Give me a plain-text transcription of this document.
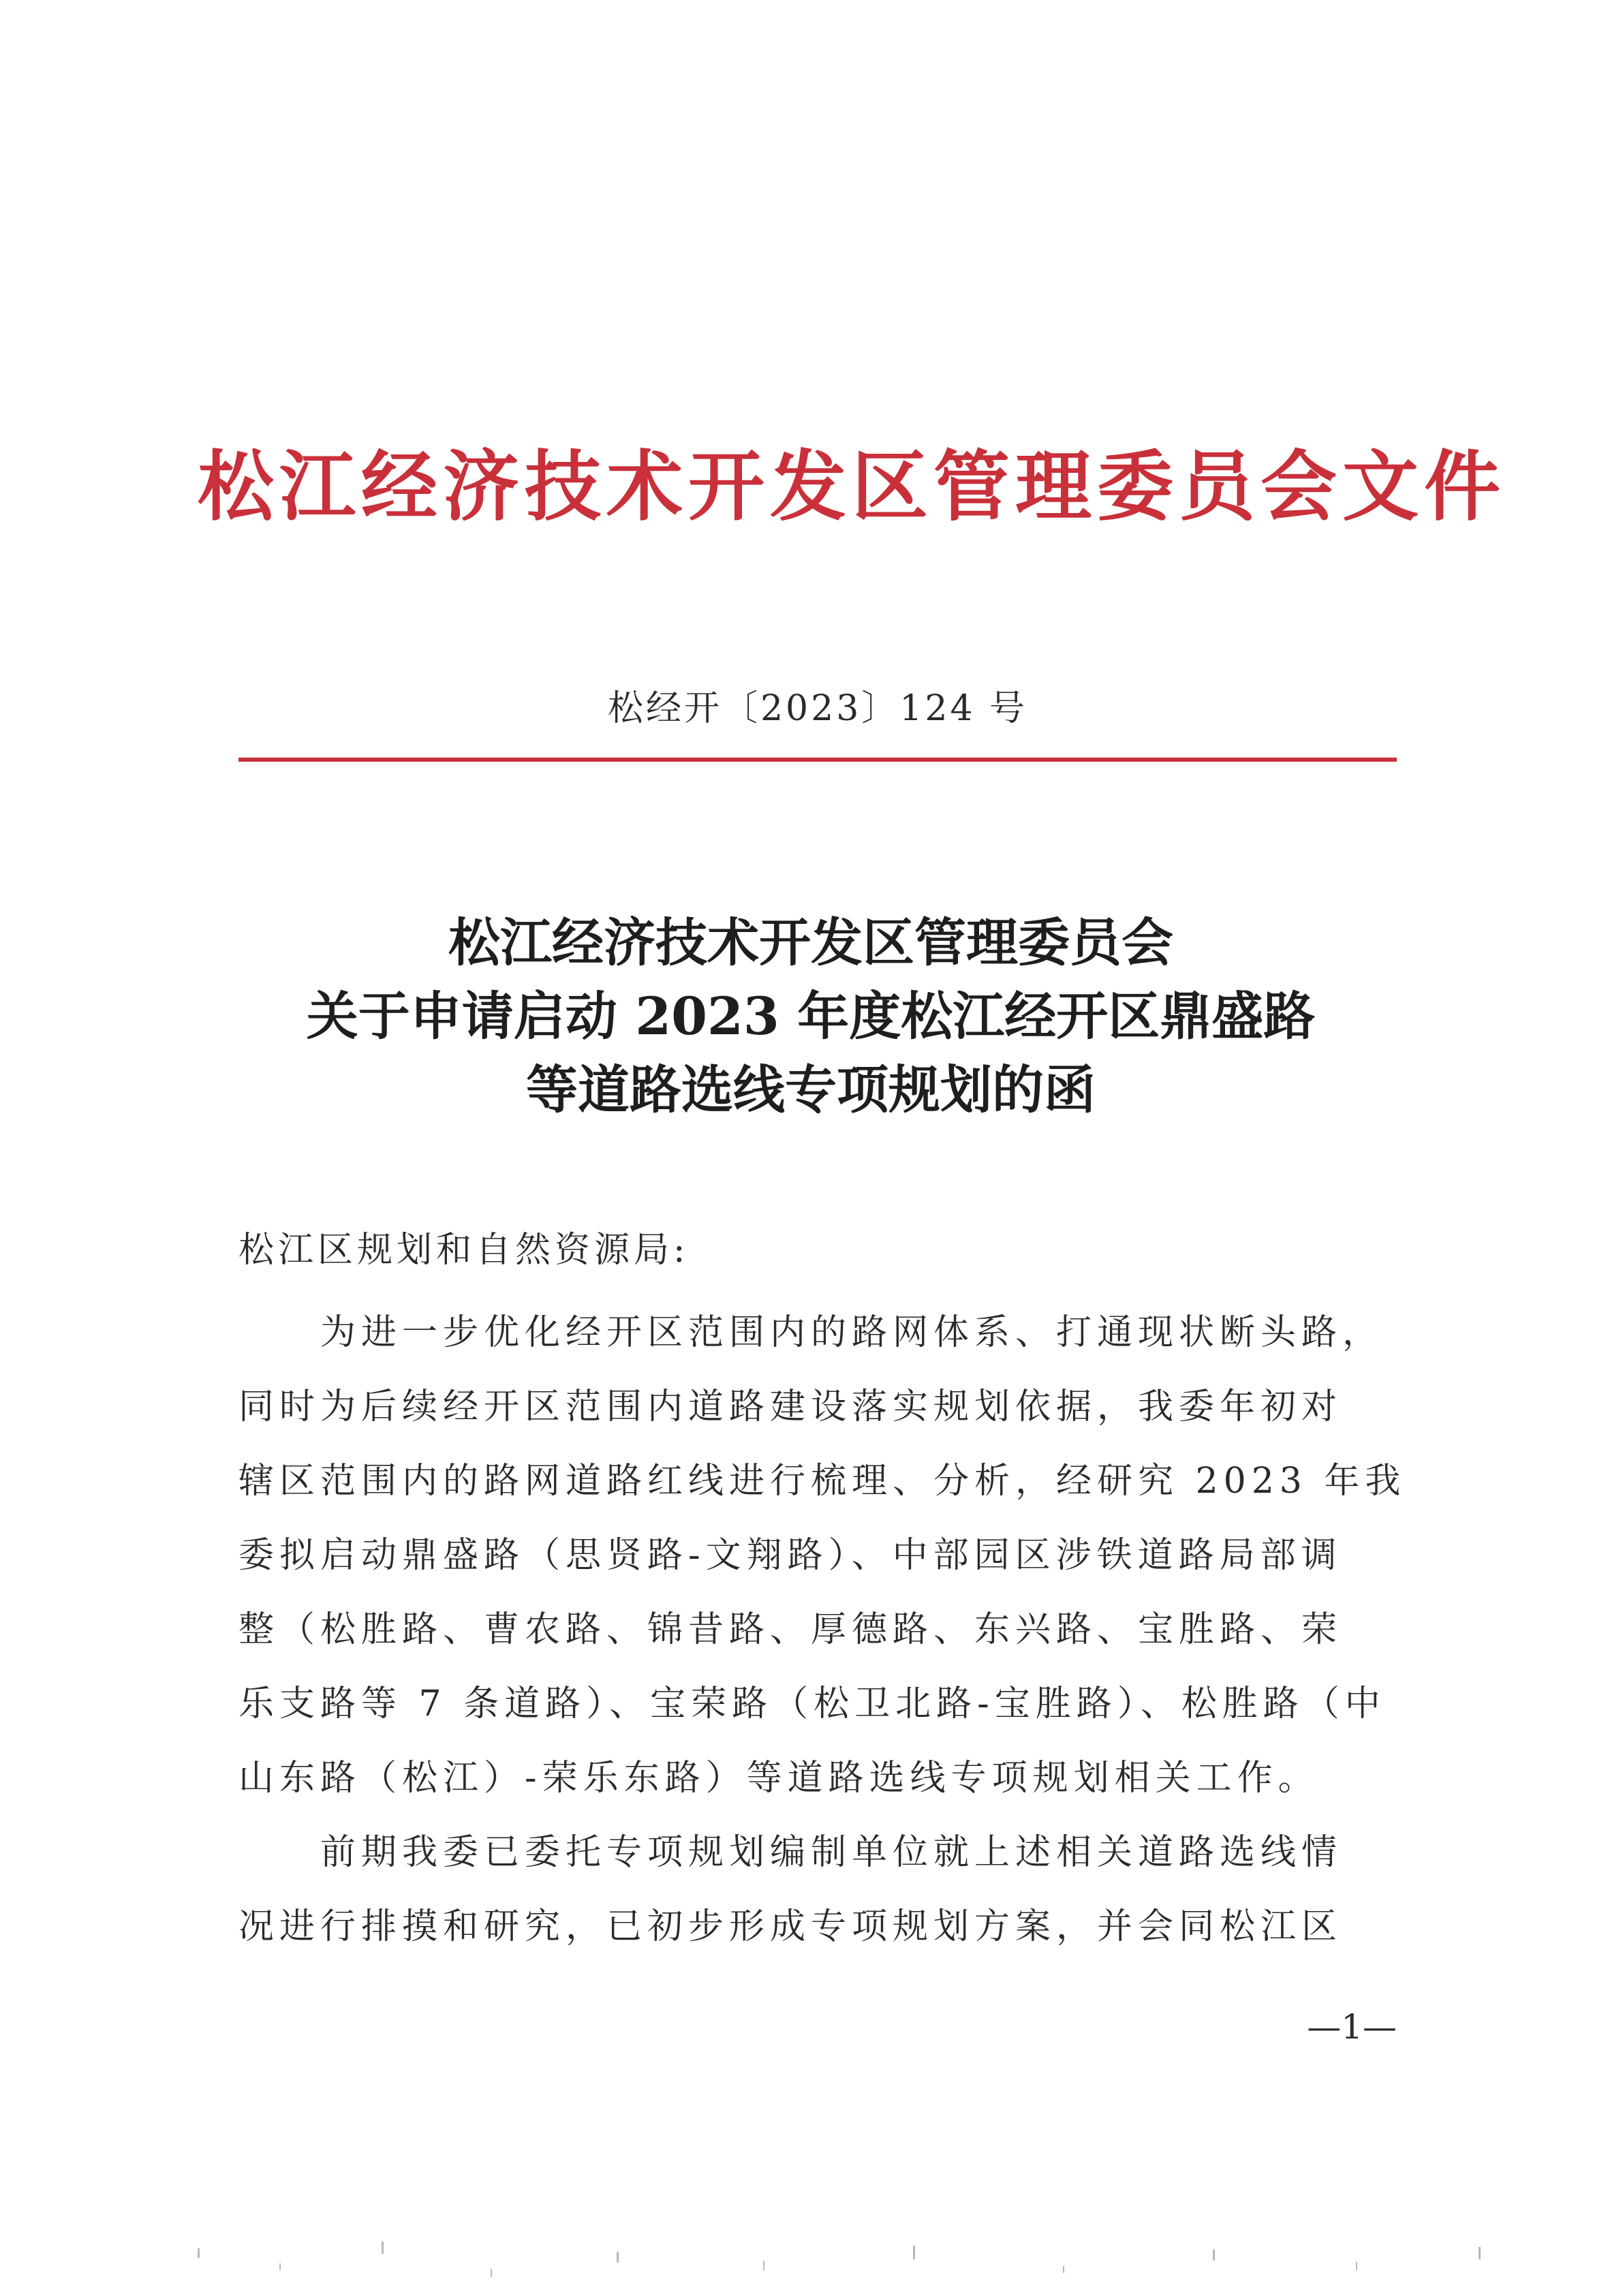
松江经济技术开发区管理委员会文件
松经开〔2023〕124 号
松江经济技术开发区管理委员会
关于申请启动 2023 年度松江经开区鼎盛路
等道路选线专项规划的函
松江区规划和自然资源局:
　　为进一步优化经开区范围内的路网体系、打通现状断头路，
同时为后续经开区范围内道路建设落实规划依据，我委年初对
辖区范围内的路网道路红线进行梳理、分析，经研究 2023 年我
委拟启动鼎盛路（思贤路-文翔路）、中部园区涉铁道路局部调
整（松胜路、曹农路、锦昔路、厚德路、东兴路、宝胜路、荣
乐支路等 7 条道路）、宝荣路（松卫北路-宝胜路）、松胜路（中
山东路（松江）-荣乐东路）等道路选线专项规划相关工作。
　　前期我委已委托专项规划编制单位就上述相关道路选线情
况进行排摸和研究，已初步形成专项规划方案，并会同松江区
—1—
